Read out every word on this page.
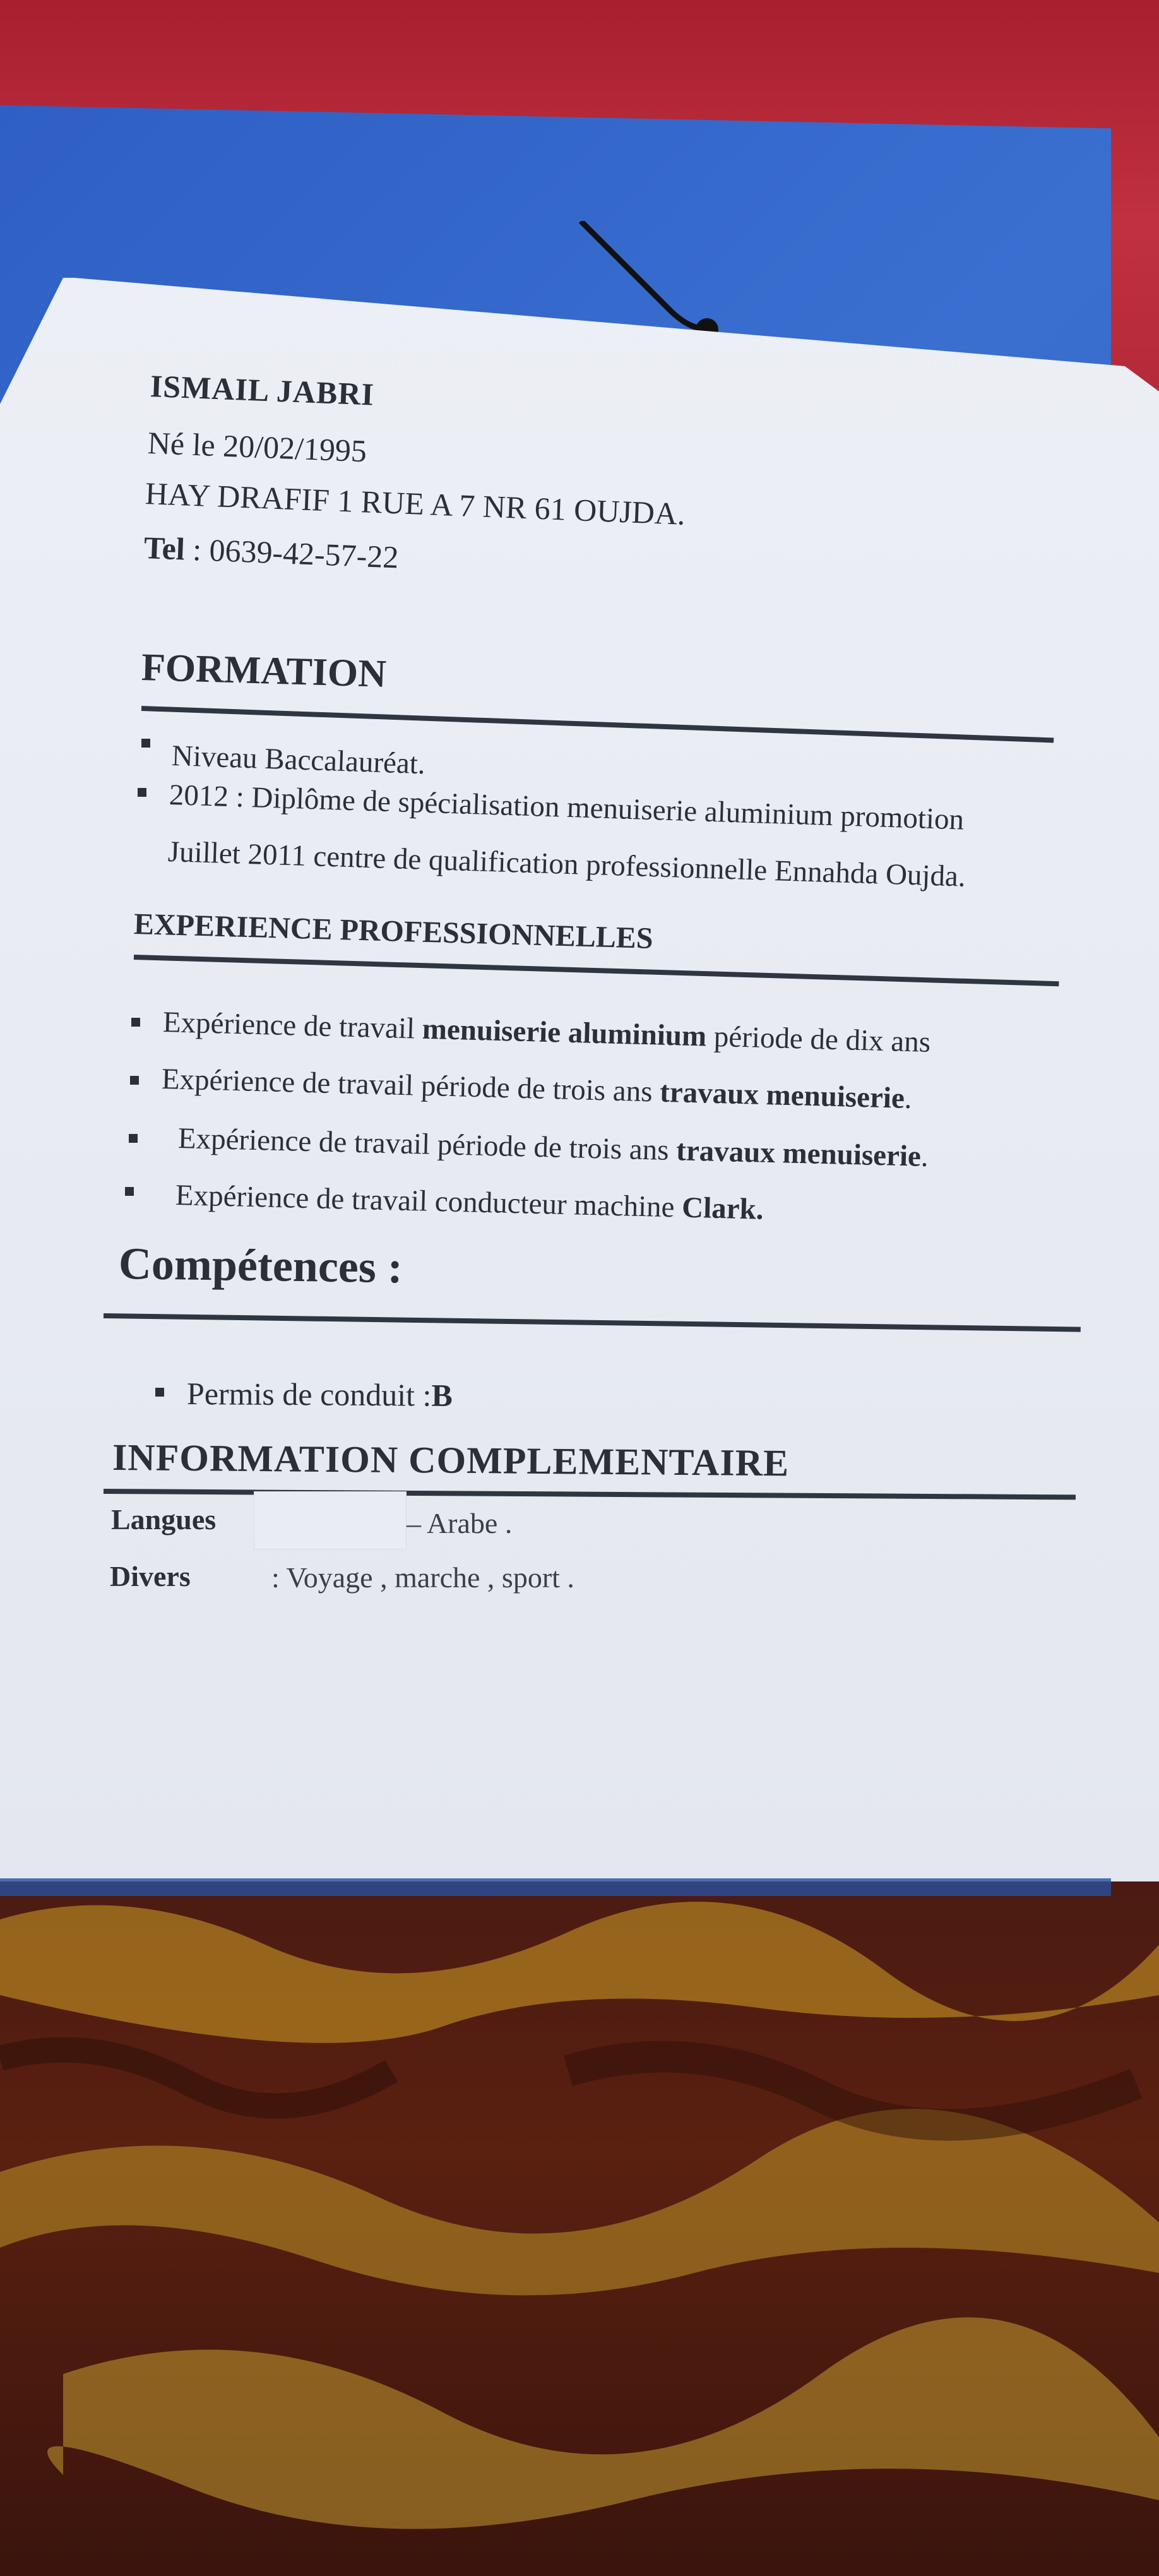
ISMAIL JABRI
Né le 20/02/1995
HAY DRAFIF 1 RUE A 7 NR 61 OUJDA.
Tel : 0639-42-57-22
FORMATION
Niveau Baccalauréat.
2012 : Diplôme de spécialisation menuiserie aluminium promotion
Juillet 2011 centre de qualification professionnelle Ennahda Oujda.
EXPERIENCE PROFESSIONNELLES
Expérience de travail menuiserie aluminium période de dix ans
Expérience de travail période de trois ans travaux menuiserie.
Expérience de travail période de trois ans travaux menuiserie.
Expérience de travail conducteur machine Clark.
Compétences :
Permis de conduit :B
INFORMATION COMPLEMENTAIRE
Langues	– Arabe .
Divers	: Voyage , marche , sport .
